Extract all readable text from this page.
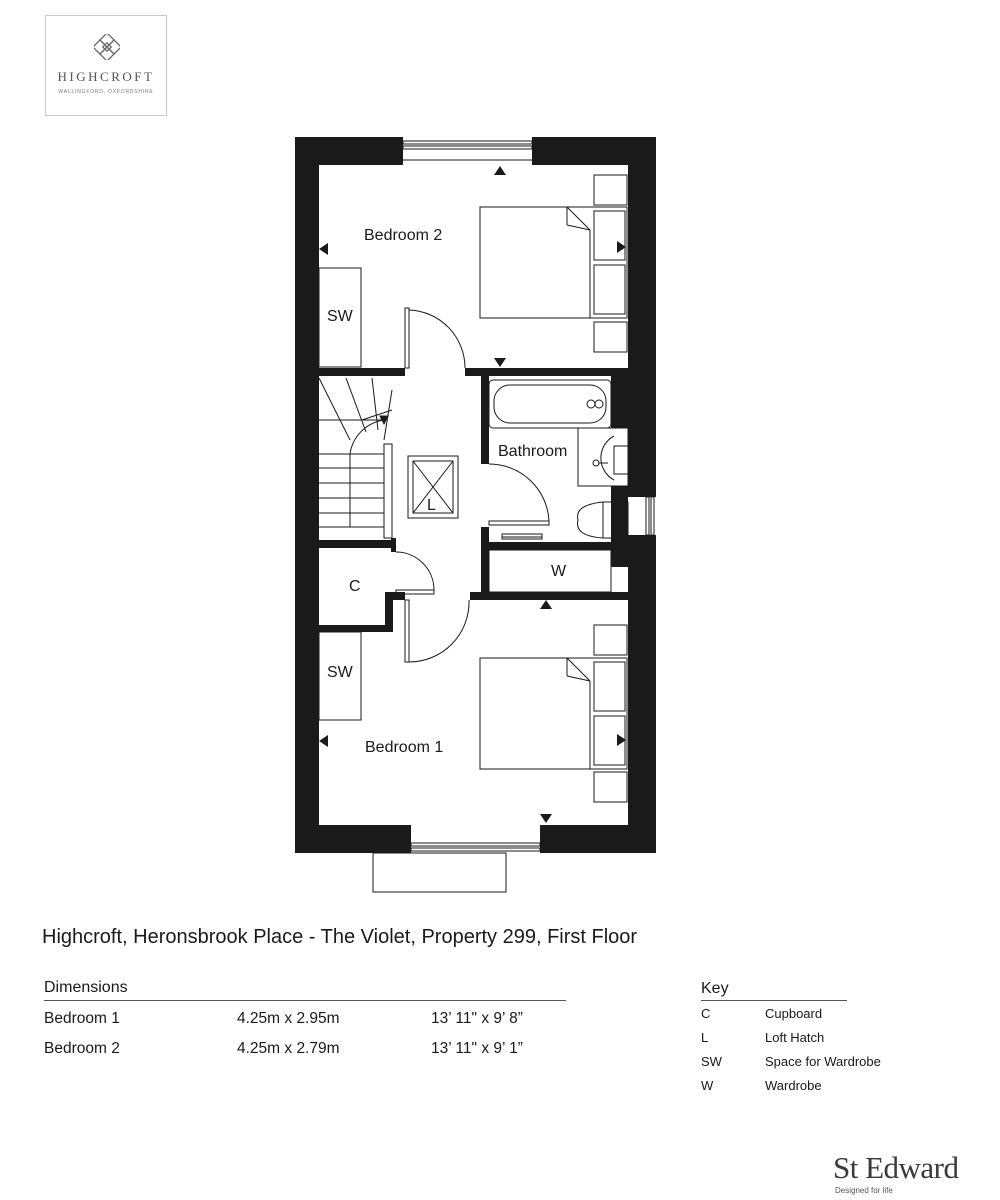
HIGHCROFT
WALLINGFORD, OXFORDSHIRE
Bedroom 2
SW
Bathroom
L
W
C
SW
Bedroom 1
Highcroft, Heronsbrook Place - The Violet, Property 299, First Floor
Dimensions
Bedroom 1	4.25m x 2.95m	13’ 11" x 9’ 8”
Bedroom 2	4.25m x 2.79m	13’ 11" x 9’ 1”
Key
C	Cupboard
L	Loft Hatch
SW	Space for Wardrobe
W	Wardrobe
St Edward
Designed for life
